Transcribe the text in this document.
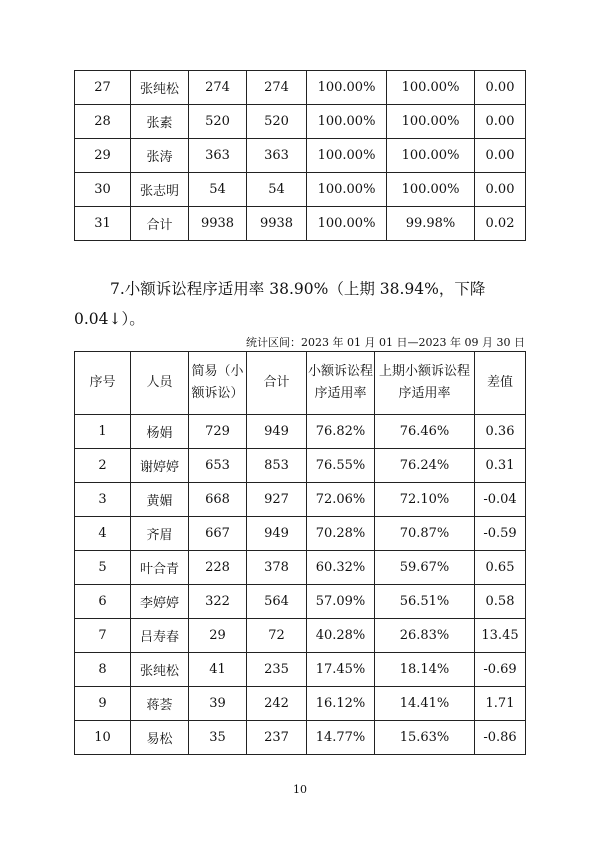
27	张纯松	274	274	100.00%	100.00%	0.00
28	张素	520	520	100.00%	100.00%	0.00
29	张涛	363	363	100.00%	100.00%	0.00
30	张志明	54	54	100.00%	100.00%	0.00
31	合计	9938	9938	100.00%	99.98%	0.02
7.小额诉讼程序适用率 38.90%（上期 38.94%，下降 0.04↓）。
统计区间：2023 年 01 月 01 日—2023 年 09 月 30 日
序号	人员	简易（小额诉讼）	合计	小额诉讼程序适用率	上期小额诉讼程序适用率	差值
1	杨娟	729	949	76.82%	76.46%	0.36
2	谢婷婷	653	853	76.55%	76.24%	0.31
3	黄媚	668	927	72.06%	72.10%	-0.04
4	齐眉	667	949	70.28%	70.87%	-0.59
5	叶合青	228	378	60.32%	59.67%	0.65
6	李婷婷	322	564	57.09%	56.51%	0.58
7	吕寿春	29	72	40.28%	26.83%	13.45
8	张纯松	41	235	17.45%	18.14%	-0.69
9	蒋荟	39	242	16.12%	14.41%	1.71
10	易松	35	237	14.77%	15.63%	-0.86
10
